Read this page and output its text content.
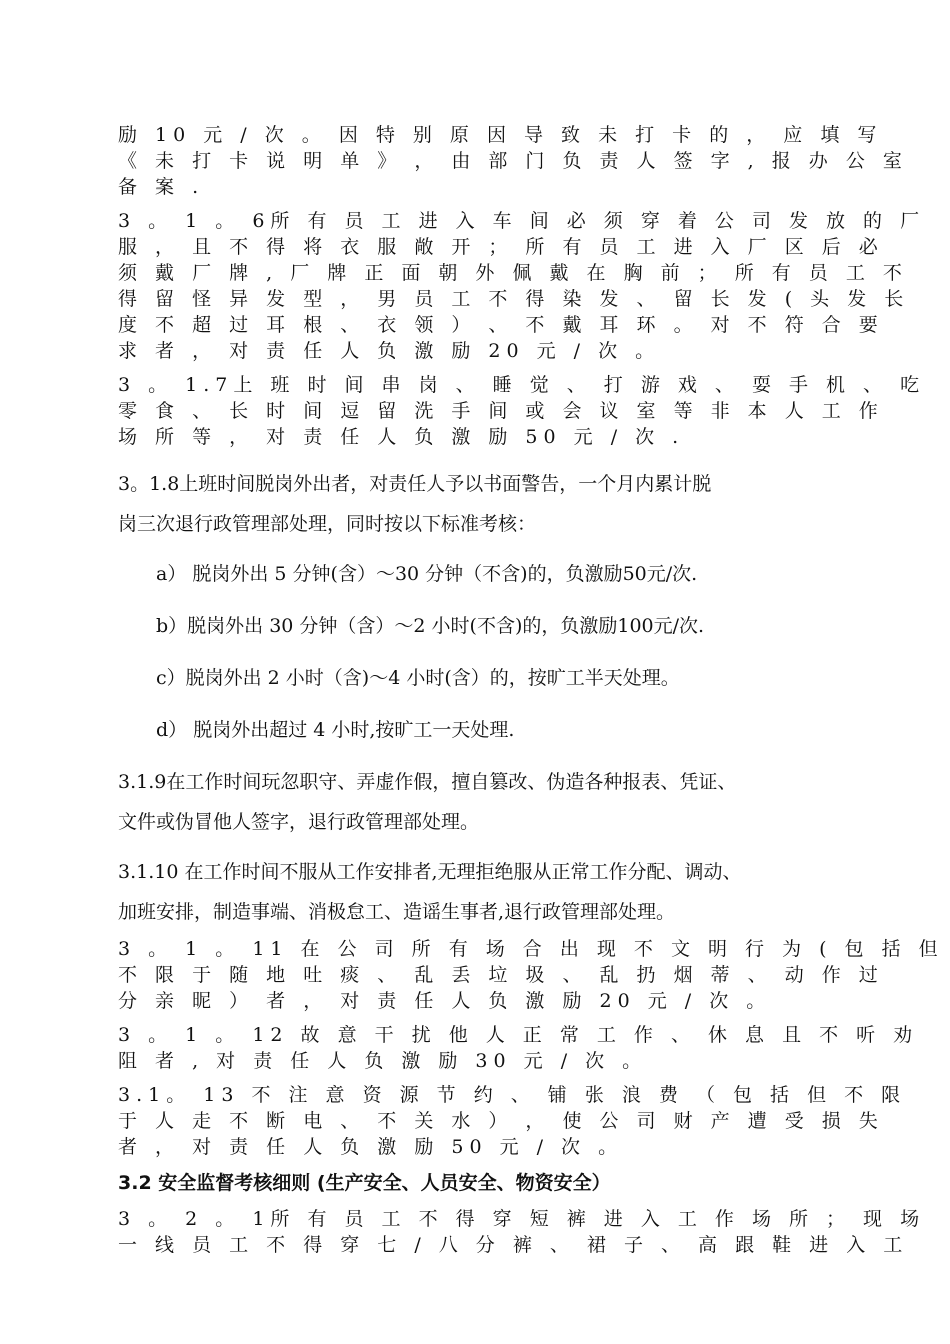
励 10 元 / 次 。 因 特 别 原 因 导 致 未 打 卡 的 ， 应 填 写
《 未 打 卡 说 明 单 》 ， 由 部 门 负 责 人 签 字 , 报 办 公 室
备 案 .
3 。 1 。 6所 有 员 工 进 入 车 间 必 须 穿 着 公 司 发 放 的 厂
服 ， 且 不 得 将 衣 服 敞 开 ； 所 有 员 工 进 入 厂 区 后 必
须 戴 厂 牌 , 厂 牌 正 面 朝 外 佩 戴 在 胸 前 ； 所 有 员 工 不
得 留 怪 异 发 型 ， 男 员 工 不 得 染 发 、 留 长 发 ( 头 发 长
度 不 超 过 耳 根 、 衣 领 ） 、 不 戴 耳 环 。 对 不 符 合 要
求 者 ， 对 责 任 人 负 激 励 20 元 / 次 。
3 。 1.7上 班 时 间 串 岗 、 睡 觉 、 打 游 戏 、 耍 手 机 、 吃
零 食 、 长 时 间 逗 留 洗 手 间 或 会 议 室 等 非 本 人 工 作
场 所 等 ， 对 责 任 人 负 激 励 50 元 / 次 .
3。1.8上班时间脱岗外出者，对责任人予以书面警告，一个月内累计脱
岗三次退行政管理部处理，同时按以下标准考核：
a） 脱岗外出 5 分钟(含）～30 分钟（不含)的，负激励50元/次.
b）脱岗外出 30 分钟（含）～2 小时(不含)的，负激励100元/次.
c）脱岗外出 2 小时（含)～4 小时(含）的，按旷工半天处理。
d） 脱岗外出超过 4 小时,按旷工一天处理.
3.1.9在工作时间玩忽职守、弄虚作假，擅自篡改、伪造各种报表、凭证、
文件或伪冒他人签字，退行政管理部处理。
3.1.10 在工作时间不服从工作安排者,无理拒绝服从正常工作分配、调动、
加班安排，制造事端、消极怠工、造谣生事者,退行政管理部处理。
3 。 1 。 11 在 公 司 所 有 场 合 出 现 不 文 明 行 为 ( 包 括 但
不 限 于 随 地 吐 痰 、 乱 丢 垃 圾 、 乱 扔 烟 蒂 、 动 作 过
分 亲 昵 ） 者 ， 对 责 任 人 负 激 励 20 元 / 次 。
3 。 1 。 12 故 意 干 扰 他 人 正 常 工 作 、 休 息 且 不 听 劝
阻 者 , 对 责 任 人 负 激 励 30 元 / 次 。
3.1。 13 不 注 意 资 源 节 约 、 铺 张 浪 费 （ 包 括 但 不 限
于 人 走 不 断 电 、 不 关 水 ） ， 使 公 司 财 产 遭 受 损 失
者 ， 对 责 任 人 负 激 励 50 元 / 次 。
3.2 安全监督考核细则 (生产安全、人员安全、物资安全）
3 。 2 。 1所 有 员 工 不 得 穿 短 裤 进 入 工 作 场 所 ； 现 场
一 线 员 工 不 得 穿 七 / 八 分 裤 、 裙 子 、 高 跟 鞋 进 入 工
